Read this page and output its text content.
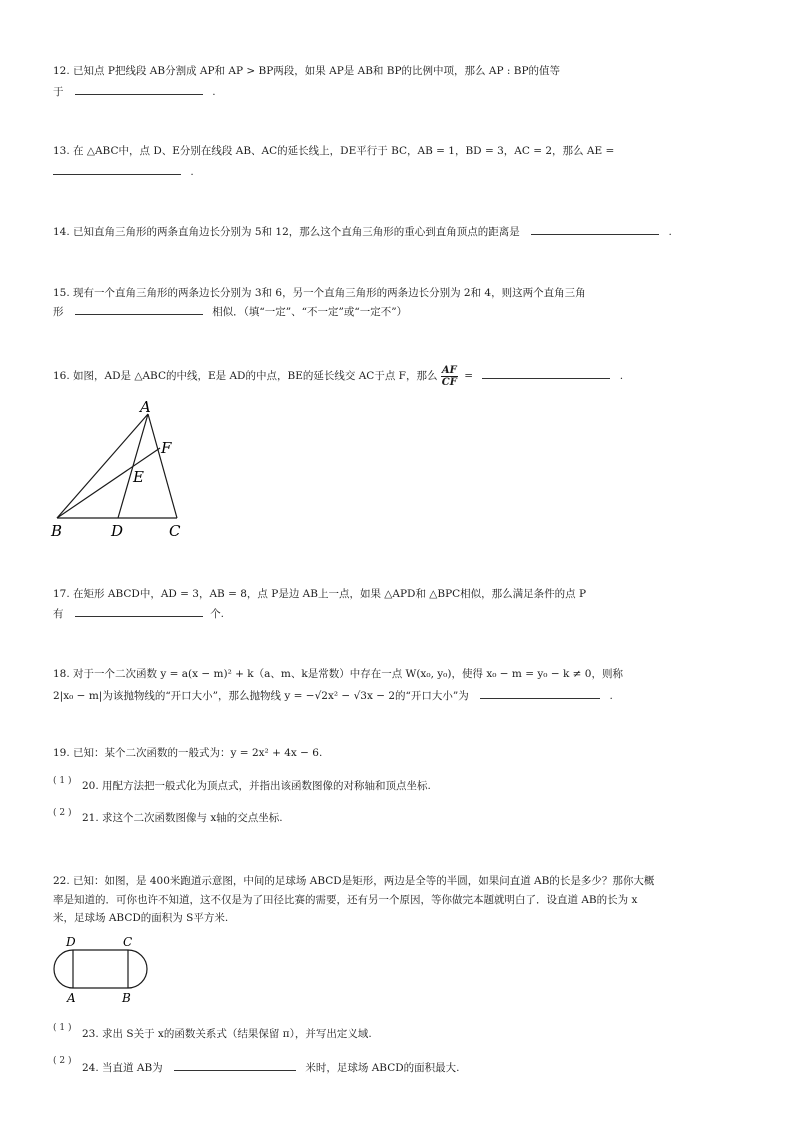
12. 已知点 P把线段 AB分割成 AP和 AP > BP两段，如果 AP是 AB和 BP的比例中项，那么 AP : BP的值等
于	.
13. 在 △ABC中，点 D、E分别在线段 AB、AC的延长线上，DE平行于 BC，AB = 1，BD = 3，AC = 2，那么 AE =
.
14. 已知直角三角形的两条直角边长分别为 5和 12，那么这个直角三角形的重心到直角顶点的距离是	.
15. 现有一个直角三角形的两条边长分别为 3和 6，另一个直角三角形的两条边长分别为 2和 4，则这两个直角三角
形	相似．（填“一定”、“不一定”或“一定不”）
16. 如图，AD是 △ABC的中线，E是 AD的中点，BE的延长线交 AC于点 F，那么 $\frac{AF}{CF}$ =	.
A
B	D	C
E
F
17. 在矩形 ABCD中，AD = 3，AB = 8，点 P是边 AB上一点，如果 △APD和 △BPC相似，那么满足条件的点 P
有	个.
18. 对于一个二次函数 y = a(x − m)² + k（a、m、k是常数）中存在一点 W(x₀, y₀)，使得 x₀ − m = y₀ − k ≠ 0，则称
2|x₀ − m|为该抛物线的“开口大小”，那么抛物线 y = −√2x² − √3x − 2的“开口大小”为	.
19. 已知：某个二次函数的一般式为：y = 2x² + 4x − 6.
( 1 ) 20. 用配方法把一般式化为顶点式，并指出该函数图像的对称轴和顶点坐标.
( 2 ) 21. 求这个二次函数图像与 x轴的交点坐标.
22. 已知：如图，是 400米跑道示意图，中间的足球场 ABCD是矩形，两边是全等的半圆，如果问直道 AB的长是多少？那你大概
率是知道的．可你也许不知道，这不仅是为了田径比赛的需要，还有另一个原因，等你做完本题就明白了．设直道 AB的长为 x
米，足球场 ABCD的面积为 S平方米.
D	C
A	B
( 1 ) 23. 求出 S关于 x的函数关系式（结果保留 π），并写出定义域.
( 2 )
24. 当直道 AB为	米时，足球场 ABCD的面积最大.
